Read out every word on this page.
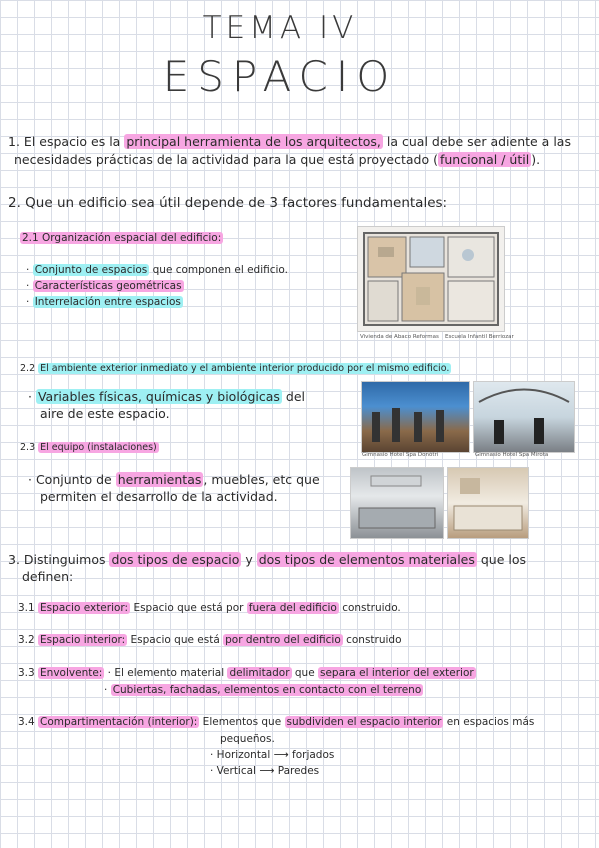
TEMA IV
ESPACIO
1. El espacio es la principal herramienta de los arquitectos, la cual debe ser adiente a las
necesidades prácticas de la actividad para la que está proyectado ( funcional / útil ).
2. Que un edificio sea útil depende de 3 factores fundamentales:
2.1 Organización espacial del edificio:
· Conjunto de espacios que componen el edificio.
· Características geométricas
· Interrelación entre espacios
2.2 El ambiente exterior inmediato y el ambiente interior producido por el mismo edificio.
· Variables físicas, químicas y biológicas del
aire de este espacio.
2.3 El equipo (instalaciones)
· Conjunto de herramientas , muebles, etc que
permiten el desarrollo de la actividad.
Vivienda de Abaco Reformas Escuela Infantil Berriozar
Gimnasio Hotel Spa Donótri	Gimnasio Hotel Spa Mirota
3. Distinguimos dos tipos de espacio y dos tipos de elementos materiales que los
definen:
3.1 Espacio exterior: Espacio que está por fuera del edificio construido.
3.2 Espacio interior: Espacio que está por dentro del edificio construido
3.3 Envolvente: · El elemento material delimitador que separa el interior del exterior
· Cubiertas, fachadas, elementos en contacto con el terreno
3.4 Compartimentación (interior): Elementos que subdividen el espacio interior en espacios más
pequeños.
· Horizontal ⟶ forjados
· Vertical ⟶ Paredes
